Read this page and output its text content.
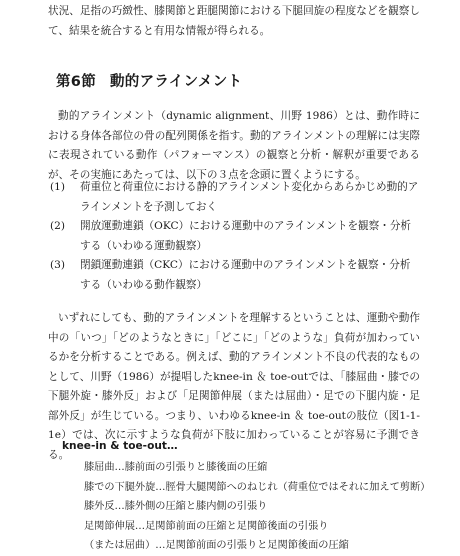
状況、足指の巧緻性、膝関節と距腿関節における下腿回旋の程度などを観察して、結果を統合すると有用な情報が得られる。

第6節 動的アラインメント

動的アラインメント（dynamic alignment、川野 1986）とは、動作時における身体各部位の骨の配列関係を指す。動的アラインメントの理解には実際に表現されている動作（パフォーマンス）の観察と分析・解釈が重要であるが、その実施にあたっては、以下の３点を念頭に置くようにする。

(1) 荷重位と荷重位における静的アラインメント変化からあらかじめ動的アラインメントを予測しておく
(2) 開放運動連鎖（OKC）における運動中のアラインメントを観察・分析する（いわゆる運動観察）
(3) 閉鎖運動連鎖（CKC）における運動中のアラインメントを観察・分析する（いわゆる動作観察）

いずれにしても、動的アラインメントを理解するということは、運動や動作中の「いつ」「どのようなときに」「どこに」「どのような」負荷が加わっているかを分析することである。例えば、動的アラインメント不良の代表的なものとして、川野（1986）が提唱したknee-in ＆ toe-outでは、「膝屈曲・膝での下腿外旋・膝外反」および「足関節伸展（または屈曲）・足での下腿内旋・足部外反」が生じている。つまり、いわゆるknee-in ＆ toe-outの肢位（図1-1-1e）では、次に示すような負荷が下肢に加わっていることが容易に予測できる。

knee-in & toe-out…
膝屈曲…膝前面の引張りと膝後面の圧縮
膝での下腿外旋…脛骨大腿関節へのねじれ（荷重位ではそれに加えて剪断）
膝外反…膝外側の圧縮と膝内側の引張り
足関節伸展…足関節前面の圧縮と足関節後面の引張り
（または屈曲）…足関節前面の引張りと足関節後面の圧縮
